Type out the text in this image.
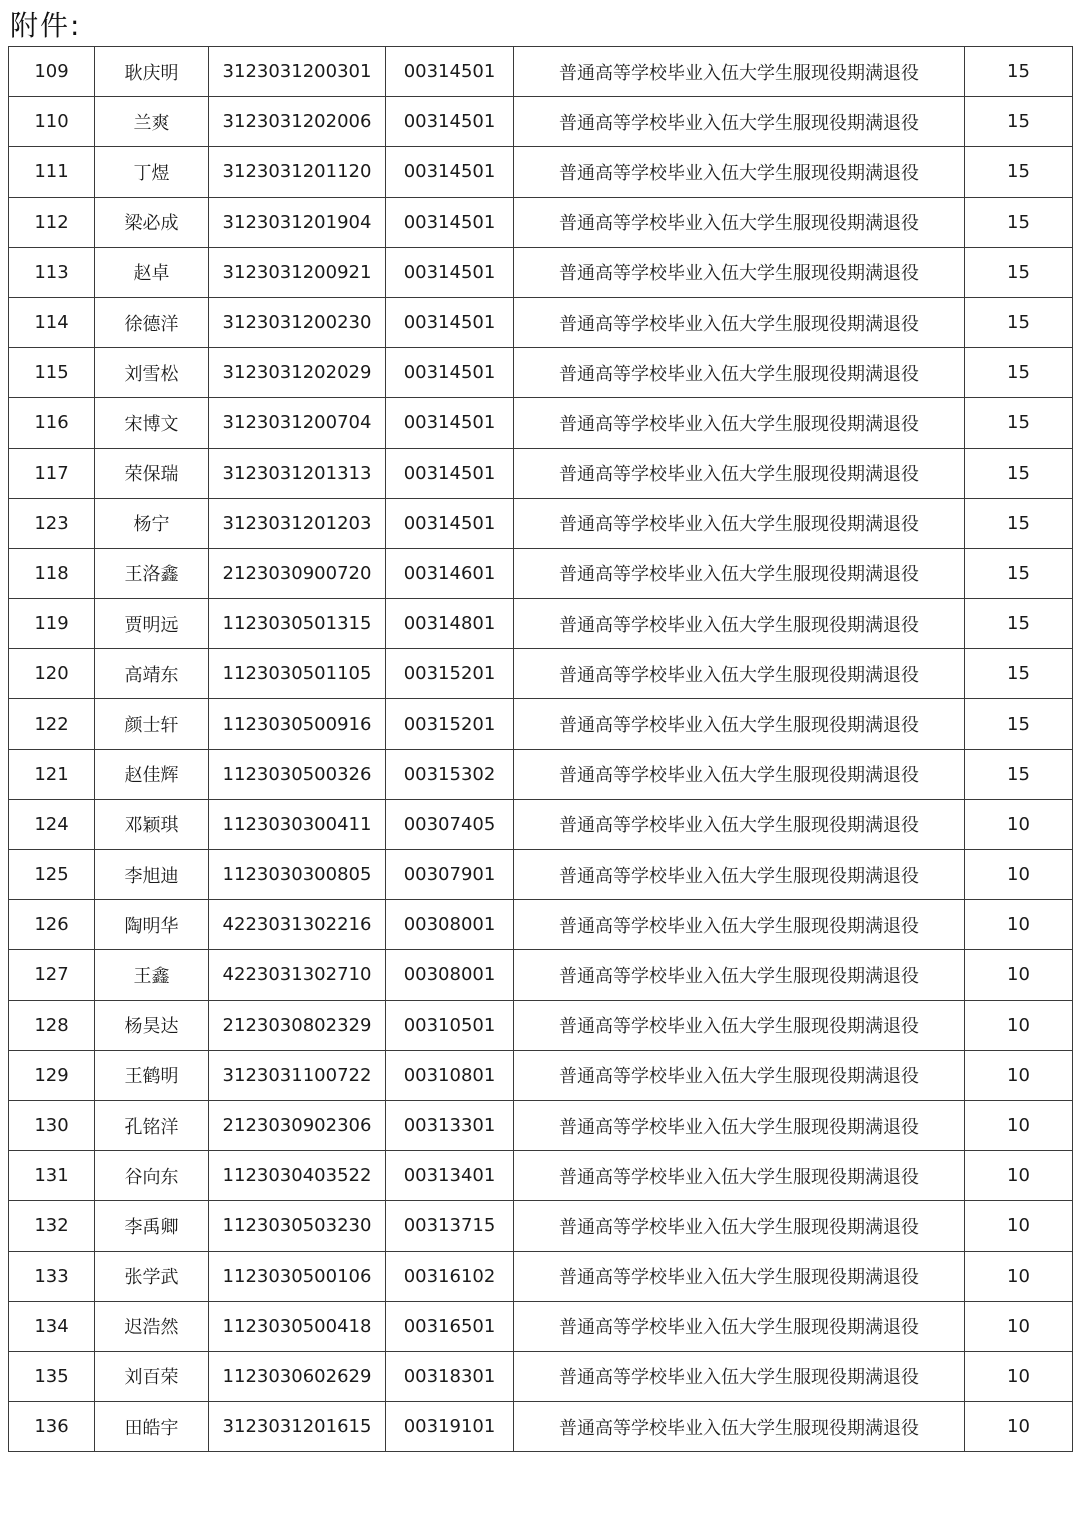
附件:
109	耿庆明	3123031200301	00314501	普通高等学校毕业入伍大学生服现役期满退役	15
110	兰爽	3123031202006	00314501	普通高等学校毕业入伍大学生服现役期满退役	15
111	丁煜	3123031201120	00314501	普通高等学校毕业入伍大学生服现役期满退役	15
112	梁必成	3123031201904	00314501	普通高等学校毕业入伍大学生服现役期满退役	15
113	赵卓	3123031200921	00314501	普通高等学校毕业入伍大学生服现役期满退役	15
114	徐德洋	3123031200230	00314501	普通高等学校毕业入伍大学生服现役期满退役	15
115	刘雪松	3123031202029	00314501	普通高等学校毕业入伍大学生服现役期满退役	15
116	宋博文	3123031200704	00314501	普通高等学校毕业入伍大学生服现役期满退役	15
117	荣保瑞	3123031201313	00314501	普通高等学校毕业入伍大学生服现役期满退役	15
123	杨宁	3123031201203	00314501	普通高等学校毕业入伍大学生服现役期满退役	15
118	王洛鑫	2123030900720	00314601	普通高等学校毕业入伍大学生服现役期满退役	15
119	贾明远	1123030501315	00314801	普通高等学校毕业入伍大学生服现役期满退役	15
120	高靖东	1123030501105	00315201	普通高等学校毕业入伍大学生服现役期满退役	15
122	颜士轩	1123030500916	00315201	普通高等学校毕业入伍大学生服现役期满退役	15
121	赵佳辉	1123030500326	00315302	普通高等学校毕业入伍大学生服现役期满退役	15
124	邓颖琪	1123030300411	00307405	普通高等学校毕业入伍大学生服现役期满退役	10
125	李旭迪	1123030300805	00307901	普通高等学校毕业入伍大学生服现役期满退役	10
126	陶明华	4223031302216	00308001	普通高等学校毕业入伍大学生服现役期满退役	10
127	王鑫	4223031302710	00308001	普通高等学校毕业入伍大学生服现役期满退役	10
128	杨昊达	2123030802329	00310501	普通高等学校毕业入伍大学生服现役期满退役	10
129	王鹤明	3123031100722	00310801	普通高等学校毕业入伍大学生服现役期满退役	10
130	孔铭洋	2123030902306	00313301	普通高等学校毕业入伍大学生服现役期满退役	10
131	谷向东	1123030403522	00313401	普通高等学校毕业入伍大学生服现役期满退役	10
132	李禹卿	1123030503230	00313715	普通高等学校毕业入伍大学生服现役期满退役	10
133	张学武	1123030500106	00316102	普通高等学校毕业入伍大学生服现役期满退役	10
134	迟浩然	1123030500418	00316501	普通高等学校毕业入伍大学生服现役期满退役	10
135	刘百荣	1123030602629	00318301	普通高等学校毕业入伍大学生服现役期满退役	10
136	田皓宇	3123031201615	00319101	普通高等学校毕业入伍大学生服现役期满退役	10
